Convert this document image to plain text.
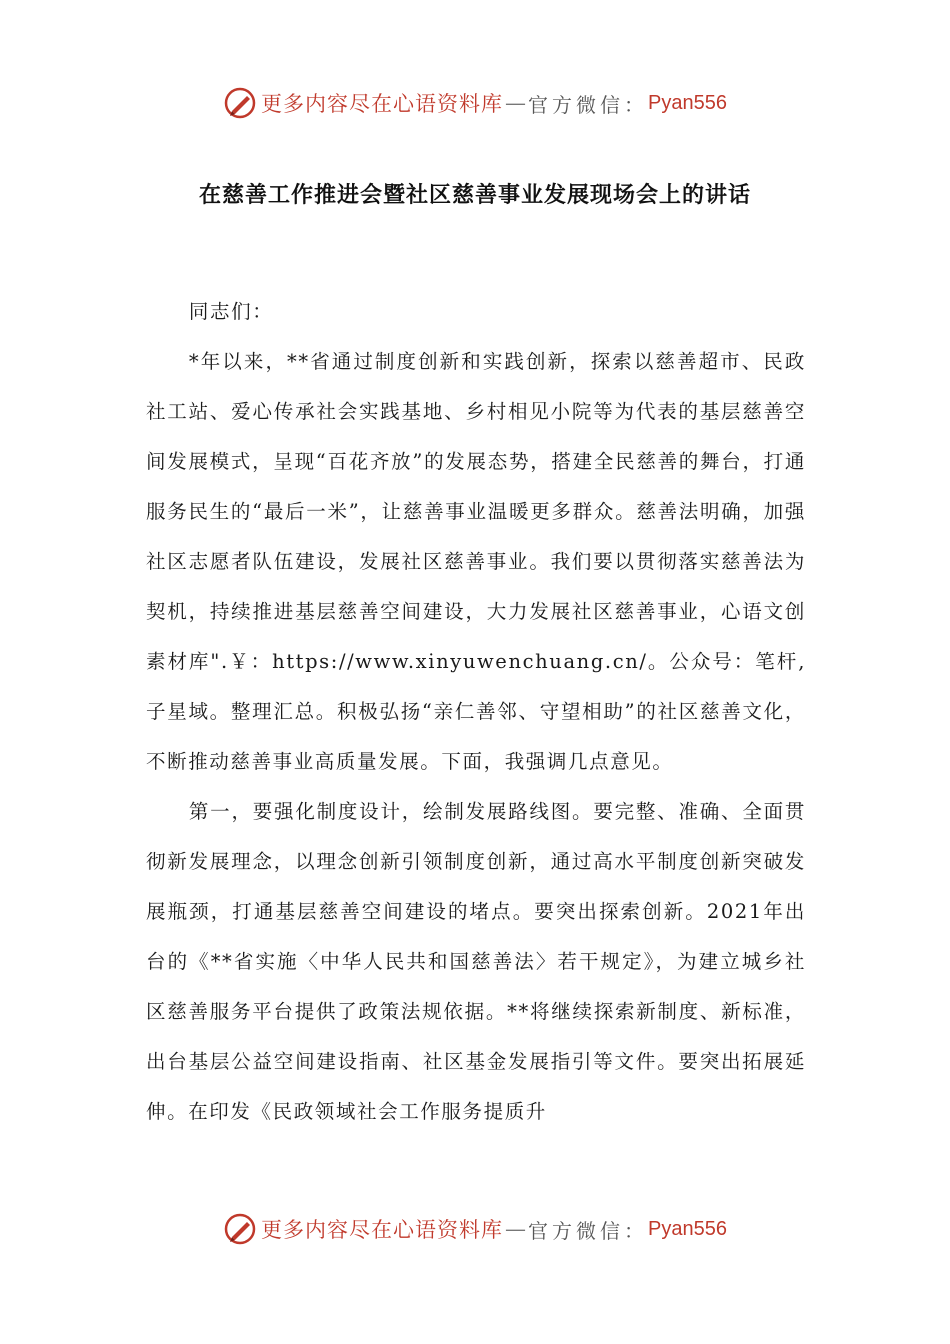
更多内容尽在心语资料库 — 官方微信： Pyan556
在慈善工作推进会暨社区慈善事业发展现场会上的讲话

同志们：

*年以来，**省通过制度创新和实践创新，探索以慈善超市、民政社工站、爱心传承社会实践基地、乡村相见小院等为代表的基层慈善空间发展模式，呈现“百花齐放”的发展态势，搭建全民慈善的舞台，打通服务民生的“最后一米”，让慈善事业温暖更多群众。慈善法明确，加强社区志愿者队伍建设，发展社区慈善事业。我们要以贯彻落实慈善法为契机，持续推进基层慈善空间建设，大力发展社区慈善事业，心语文创素材库".￥：https://www.xinyuwenchuang.cn/。公众号：笔杆,子星域。整理汇总。积极弘扬“亲仁善邻、守望相助”的社区慈善文化，不断推动慈善事业高质量发展。下面，我强调几点意见。

第一，要强化制度设计，绘制发展路线图。要完整、准确、全面贯彻新发展理念，以理念创新引领制度创新，通过高水平制度创新突破发展瓶颈，打通基层慈善空间建设的堵点。要突出探索创新。2021年出台的《**省实施〈中华人民共和国慈善法〉若干规定》，为建立城乡社区慈善服务平台提供了政策法规依据。**将继续探索新制度、新标准，出台基层公益空间建设指南、社区基金发展指引等文件。要突出拓展延伸。在印发《民政领域社会工作服务提质升

更多内容尽在心语资料库 — 官方微信： Pyan556
